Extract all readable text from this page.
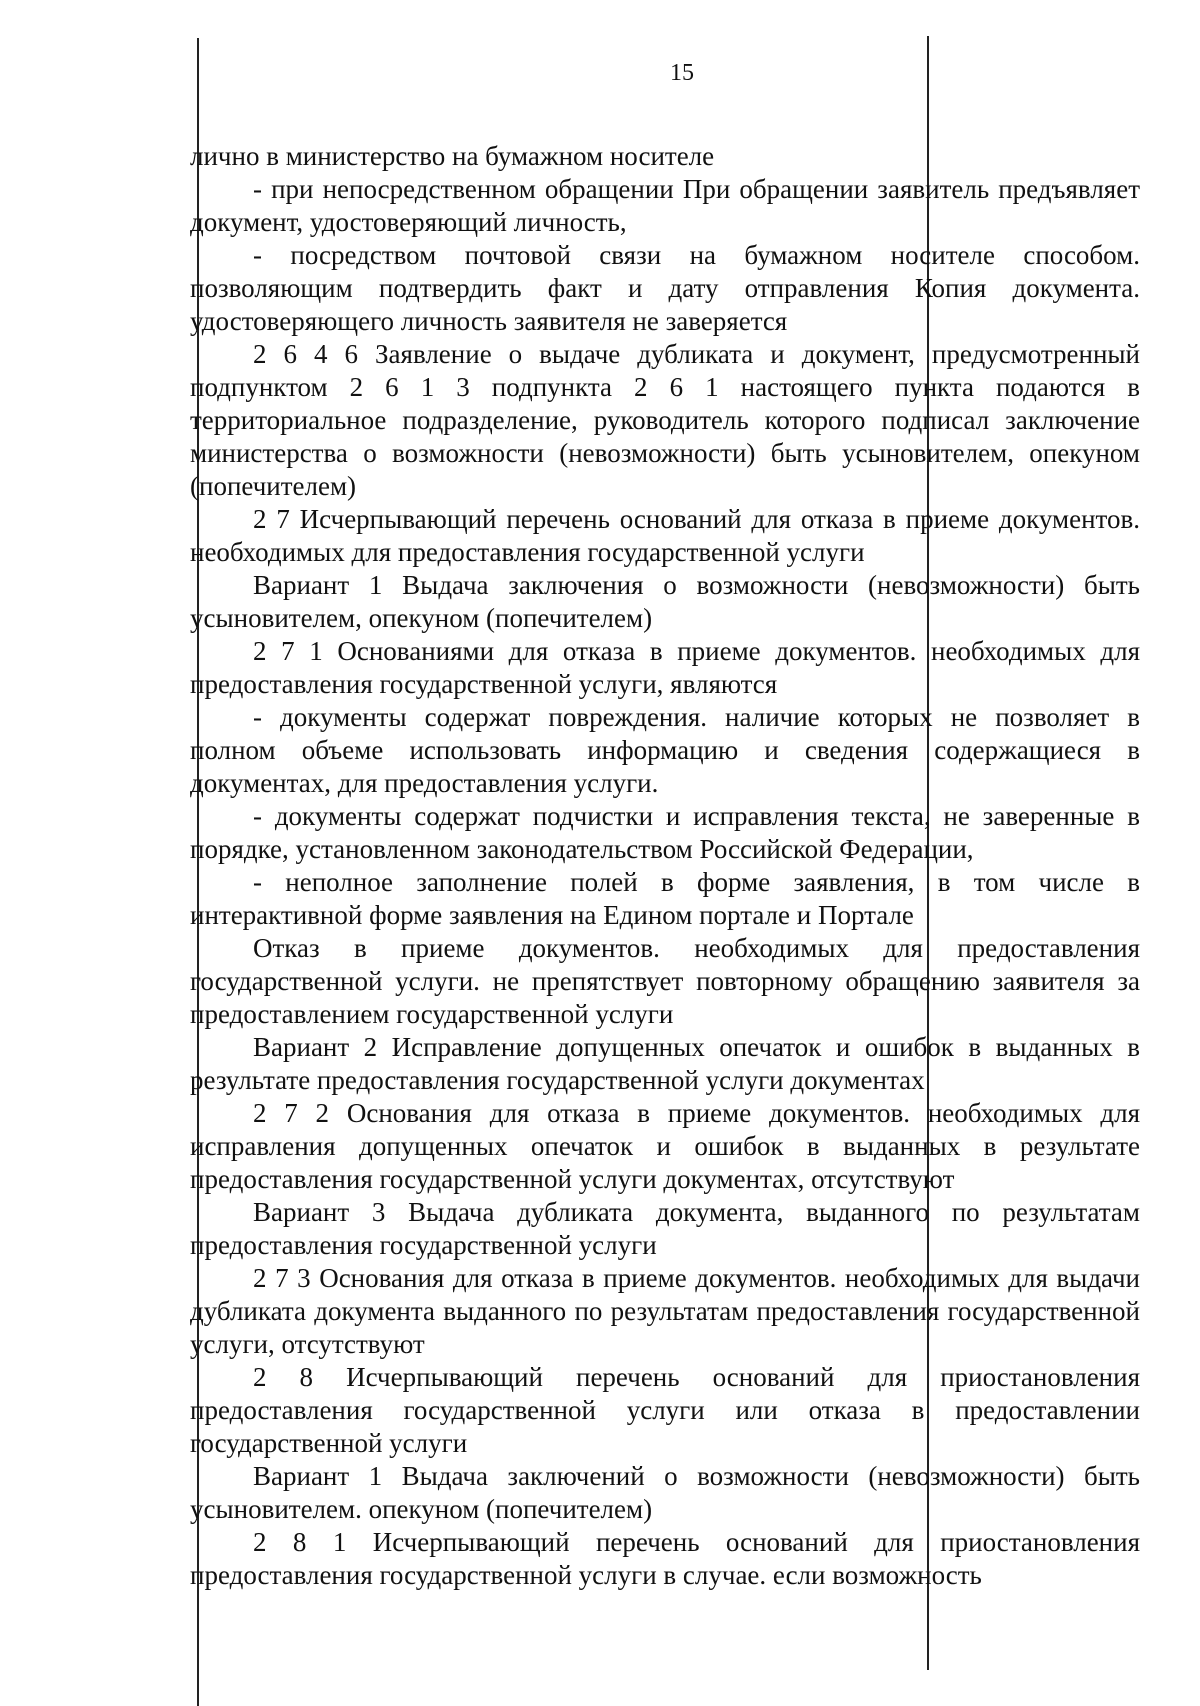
15

лично в министерство на бумажном носителе

- при непосредственном обращении При обращении заявитель предъявляет документ, удостоверяющий личность,

- посредством почтовой связи на бумажном носителе способом. позволяющим подтвердить факт и дату отправления Копия документа. удостоверяющего личность заявителя не заверяется

2 6 4 6 Заявление о выдаче дубликата и документ, предусмотренный подпунктом 2 6 1 3 подпункта 2 6 1 настоящего пункта подаются в территориальное подразделение, руководитель которого подписал заключение министерства о возможности (невозможности) быть усыновителем, опекуном (попечителем)

2 7 Исчерпывающий перечень оснований для отказа в приеме документов. необходимых для предоставления государственной услуги

Вариант 1 Выдача заключения о возможности (невозможности) быть усыновителем, опекуном (попечителем)

2 7 1 Основаниями для отказа в приеме документов. необходимых для предоставления государственной услуги, являются

- документы содержат повреждения. наличие которых не позволяет в полном объеме использовать информацию и сведения содержащиеся в документах, для предоставления услуги.

- документы содержат подчистки и исправления текста, не заверенные в порядке, установленном законодательством Российской Федерации,

- неполное заполнение полей в форме заявления, в том числе в интерактивной форме заявления на Едином портале и Портале

Отказ в приеме документов. необходимых для предоставления государственной услуги. не препятствует повторному обращению заявителя за предоставлением государственной услуги

Вариант 2 Исправление допущенных опечаток и ошибок в выданных в результате предоставления государственной услуги документах

2 7 2 Основания для отказа в приеме документов. необходимых для исправления допущенных опечаток и ошибок в выданных в результате предоставления государственной услуги документах, отсутствуют

Вариант 3 Выдача дубликата документа, выданного по результатам предоставления государственной услуги

2 7 3 Основания для отказа в приеме документов. необходимых для выдачи дубликата документа выданного по результатам предоставления государственной услуги, отсутствуют

2 8 Исчерпывающий перечень оснований для приостановления предоставления государственной услуги или отказа в предоставлении государственной услуги

Вариант 1 Выдача заключений о возможности (невозможности) быть усыновителем. опекуном (попечителем)

2 8 1 Исчерпывающий перечень оснований для приостановления предоставления государственной услуги в случае. если возможность
